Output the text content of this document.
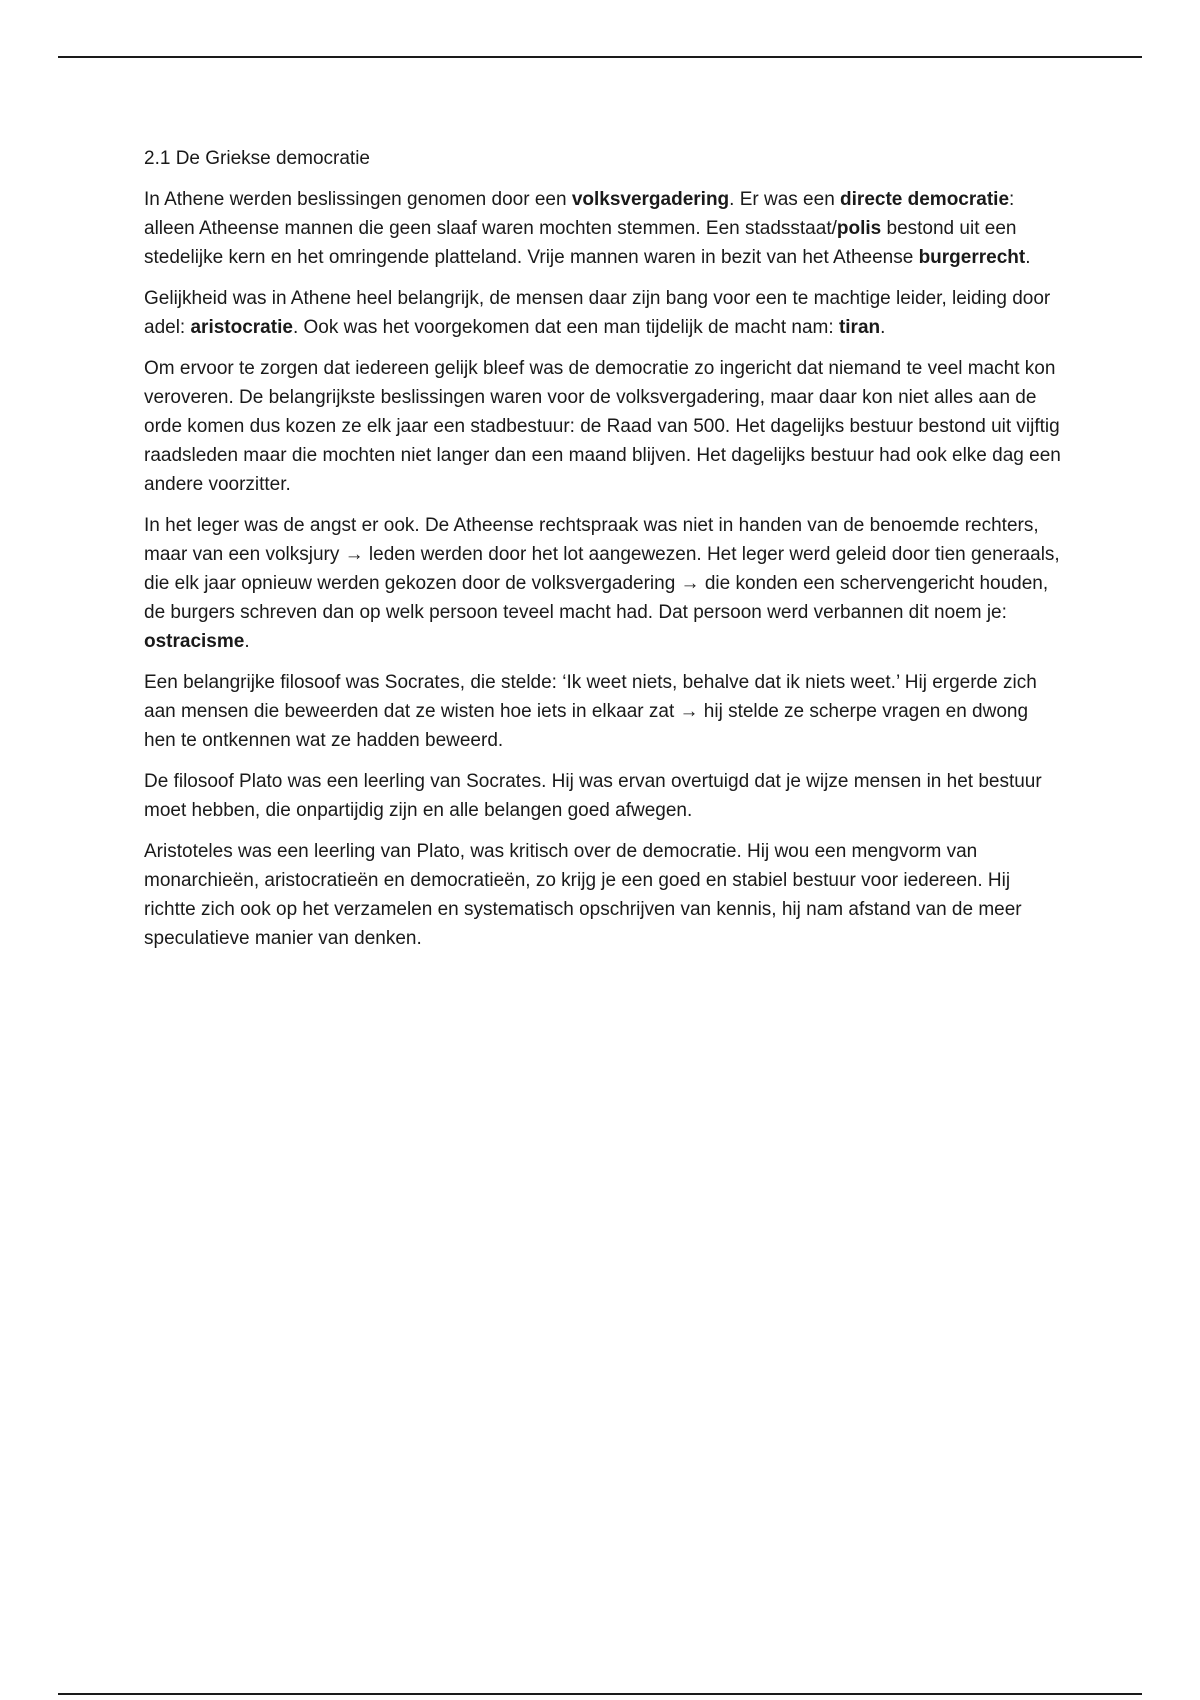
2.1 De Griekse democratie

In Athene werden beslissingen genomen door een volksvergadering. Er was een directe democratie: alleen Atheense mannen die geen slaaf waren mochten stemmen. Een stadsstaat/polis bestond uit een stedelijke kern en het omringende platteland. Vrije mannen waren in bezit van het Atheense burgerrecht.

Gelijkheid was in Athene heel belangrijk, de mensen daar zijn bang voor een te machtige leider, leiding door adel: aristocratie. Ook was het voorgekomen dat een man tijdelijk de macht nam: tiran.

Om ervoor te zorgen dat iedereen gelijk bleef was de democratie zo ingericht dat niemand te veel macht kon veroveren. De belangrijkste beslissingen waren voor de volksvergadering, maar daar kon niet alles aan de orde komen dus kozen ze elk jaar een stadbestuur: de Raad van 500. Het dagelijks bestuur bestond uit vijftig raadsleden maar die mochten niet langer dan een maand blijven. Het dagelijks bestuur had ook elke dag een andere voorzitter.

In het leger was de angst er ook. De Atheense rechtspraak was niet in handen van de benoemde rechters, maar van een volksjury → leden werden door het lot aangewezen. Het leger werd geleid door tien generaals, die elk jaar opnieuw werden gekozen door de volksvergadering → die konden een schervengericht houden, de burgers schreven dan op welk persoon teveel macht had. Dat persoon werd verbannen dit noem je: ostracisme.

Een belangrijke filosoof was Socrates, die stelde: ‘Ik weet niets, behalve dat ik niets weet.’ Hij ergerde zich aan mensen die beweerden dat ze wisten hoe iets in elkaar zat → hij stelde ze scherpe vragen en dwong hen te ontkennen wat ze hadden beweerd.

De filosoof Plato was een leerling van Socrates. Hij was ervan overtuigd dat je wijze mensen in het bestuur moet hebben, die onpartijdig zijn en alle belangen goed afwegen.

Aristoteles was een leerling van Plato, was kritisch over de democratie. Hij wou een mengvorm van monarchieën, aristocratieën en democratieën, zo krijg je een goed en stabiel bestuur voor iedereen. Hij richtte zich ook op het verzamelen en systematisch opschrijven van kennis, hij nam afstand van de meer speculatieve manier van denken.
